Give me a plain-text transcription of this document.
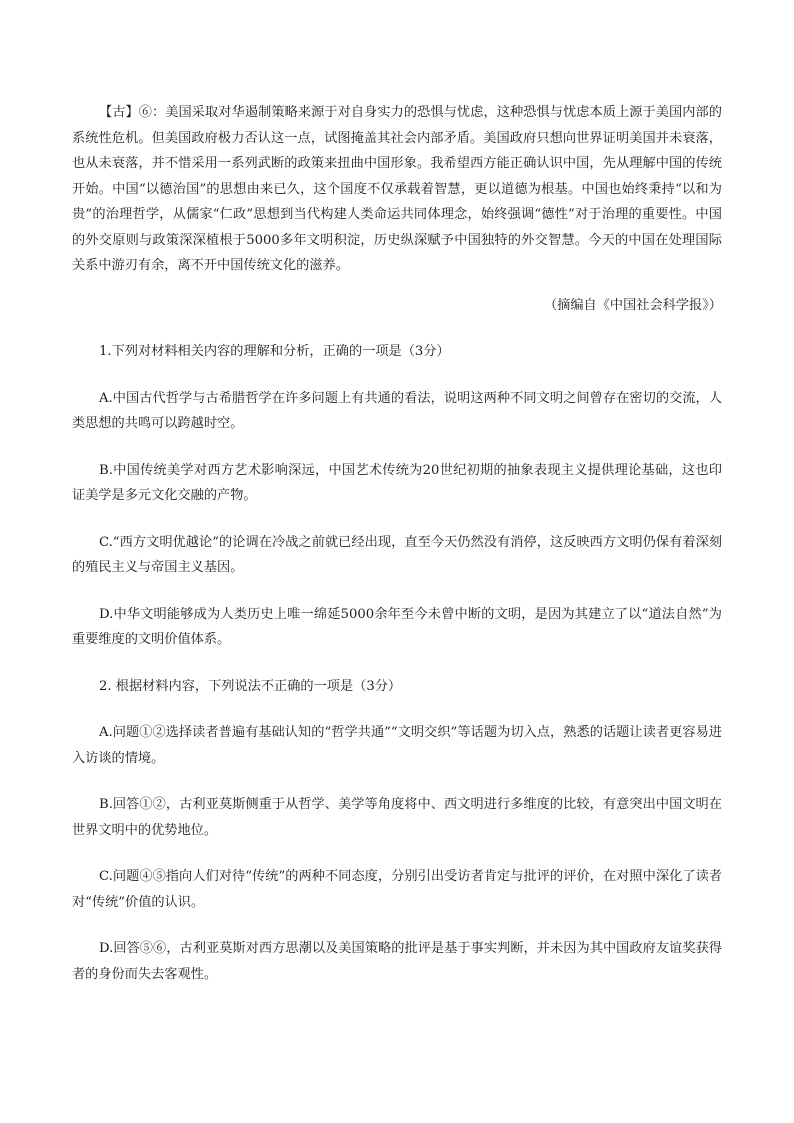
【古】⑥：美国采取对华遏制策略来源于对自身实力的恐惧与忧虑，这种恐惧与忧虑本质上源于美国内部的系统性危机。但美国政府极力否认这一点，试图掩盖其社会内部矛盾。美国政府只想向世界证明美国并未衰落，也从未衰落，并不惜采用一系列武断的政策来扭曲中国形象。我希望西方能正确认识中国，先从理解中国的传统开始。中国“以德治国”的思想由来已久，这个国度不仅承载着智慧，更以道德为根基。中国也始终秉持“以和为贵”的治理哲学，从儒家“仁政”思想到当代构建人类命运共同体理念，始终强调“德性”对于治理的重要性。中国的外交原则与政策深深植根于5000多年文明积淀，历史纵深赋予中国独特的外交智慧。今天的中国在处理国际关系中游刃有余，离不开中国传统文化的滋养。

（摘编自《中国社会科学报》）

1.下列对材料相关内容的理解和分析，正确的一项是（3分）

A.中国古代哲学与古希腊哲学在许多问题上有共通的看法，说明这两种不同文明之间曾存在密切的交流，人类思想的共鸣可以跨越时空。

B.中国传统美学对西方艺术影响深远，中国艺术传统为20世纪初期的抽象表现主义提供理论基础，这也印证美学是多元文化交融的产物。

C.“西方文明优越论”的论调在冷战之前就已经出现，直至今天仍然没有消停，这反映西方文明仍保有着深刻的殖民主义与帝国主义基因。

D.中华文明能够成为人类历史上唯一绵延5000余年至今未曾中断的文明，是因为其建立了以“道法自然”为重要维度的文明价值体系。

2. 根据材料内容，下列说法不正确的一项是（3分）

A.问题①②选择读者普遍有基础认知的“哲学共通”“文明交织”等话题为切入点，熟悉的话题让读者更容易进入访谈的情境。

B.回答①②，古利亚莫斯侧重于从哲学、美学等角度将中、西文明进行多维度的比较，有意突出中国文明在世界文明中的优势地位。

C.问题④⑤指向人们对待“传统”的两种不同态度，分别引出受访者肯定与批评的评价，在对照中深化了读者对“传统”价值的认识。

D.回答⑤⑥，古利亚莫斯对西方思潮以及美国策略的批评是基于事实判断，并未因为其中国政府友谊奖获得者的身份而失去客观性。
